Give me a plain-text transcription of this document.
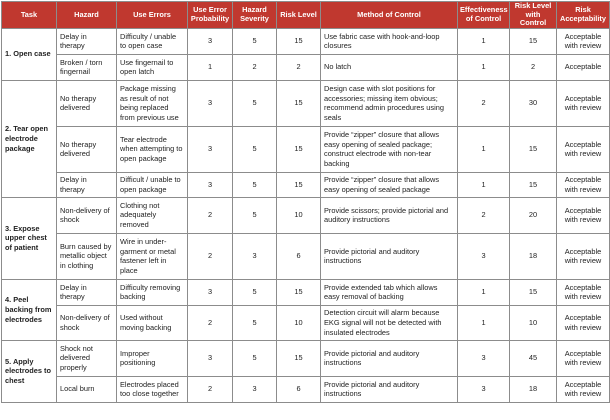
Task	Hazard	Use Errors	Use Error Probability	Hazard Severity	Risk Level	Method of Control	Effectiveness of Control	Risk Level with Control	Risk Acceptability
1. Open case	Delay in therapy	Difficulty / unable to open case	3	5	15	Use fabric case with hook-and-loop closures	1	15	Acceptable with review
	Broken / torn fingernail	Use fingernail to open latch	1	2	2	No latch	1	2	Acceptable
2. Tear open electrode package	No therapy delivered	Package missing as result of not being replaced from previous use	3	5	15	Design case with slot positions for accessories; missing item obvious; recommend admin procedures using seals	2	30	Acceptable with review
	No therapy delivered	Tear electrode when attempting to open package	3	5	15	Provide “zipper” closure that allows easy opening of sealed package; construct electrode with non-tear backing	1	15	Acceptable with review
	Delay in therapy	Difficult / unable to open package	3	5	15	Provide “zipper” closure that allows easy opening of sealed package	1	15	Acceptable with review
3. Expose upper chest of patient	Non-delivery of shock	Clothing not adequately removed	2	5	10	Provide scissors; provide pictorial and auditory instructions	2	20	Acceptable with review
	Burn caused by metallic object in clothing	Wire in under-garment or metal fastener left in place	2	3	6	Provide pictorial and auditory instructions	3	18	Acceptable with review
4. Peel backing from electrodes	Delay in therapy	Difficulty removing backing	3	5	15	Provide extended tab which allows easy removal of backing	1	15	Acceptable with review
	Non-delivery of shock	Used without moving backing	2	5	10	Detection circuit will alarm because EKG signal will not be detected with insulated electrodes	1	10	Acceptable with review
5. Apply electrodes to chest	Shock not delivered properly	Improper positioning	3	5	15	Provide pictorial and auditory instructions	3	45	Acceptable with review
	Local burn	Electrodes placed too close together	2	3	6	Provide pictorial and auditory instructions	3	18	Acceptable with review
